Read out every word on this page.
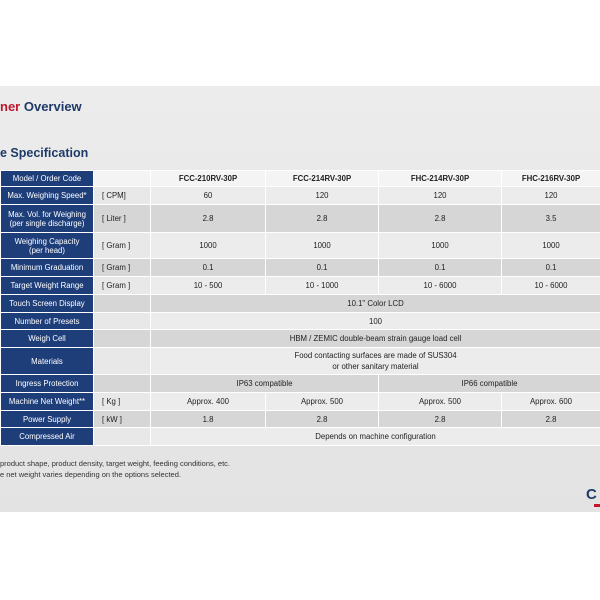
ner Overview
e Specification
Model / Order Code		FCC-210RV-30P	FCC-214RV-30P	FHC-214RV-30P	FHC-216RV-30P
Max. Weighing Speed*	[ CPM]	60	120	120	120
Max. Vol. for Weighing
(per single discharge)	[ Liter ]	2.8	2.8	2.8	3.5
Weighing Capacity
(per head)	[ Gram ]	1000	1000	1000	1000
Minimum Graduation	[ Gram ]	0.1	0.1	0.1	0.1
Target Weight Range	[ Gram ]	10 - 500	10 - 1000	10 - 6000	10 - 6000
Touch Screen Display		10.1" Color LCD			
Number of Presets		100			
Weigh Cell		HBM / ZEMIC double-beam strain gauge load cell			
Materials		Food contacting surfaces are made of SUS304
or other sanitary material			
Ingress Protection		IP63 compatible		IP66 compatible	
Machine Net Weight**	[ Kg ]	Approx. 400	Approx. 500	Approx. 500	Approx. 600
Power Supply	[ kW ]	1.8	2.8	2.8	2.8
Compressed Air		Depends on machine configuration			
product shape, product density, target weight, feeding conditions, etc.
e net weight varies depending on the options selected.
C
